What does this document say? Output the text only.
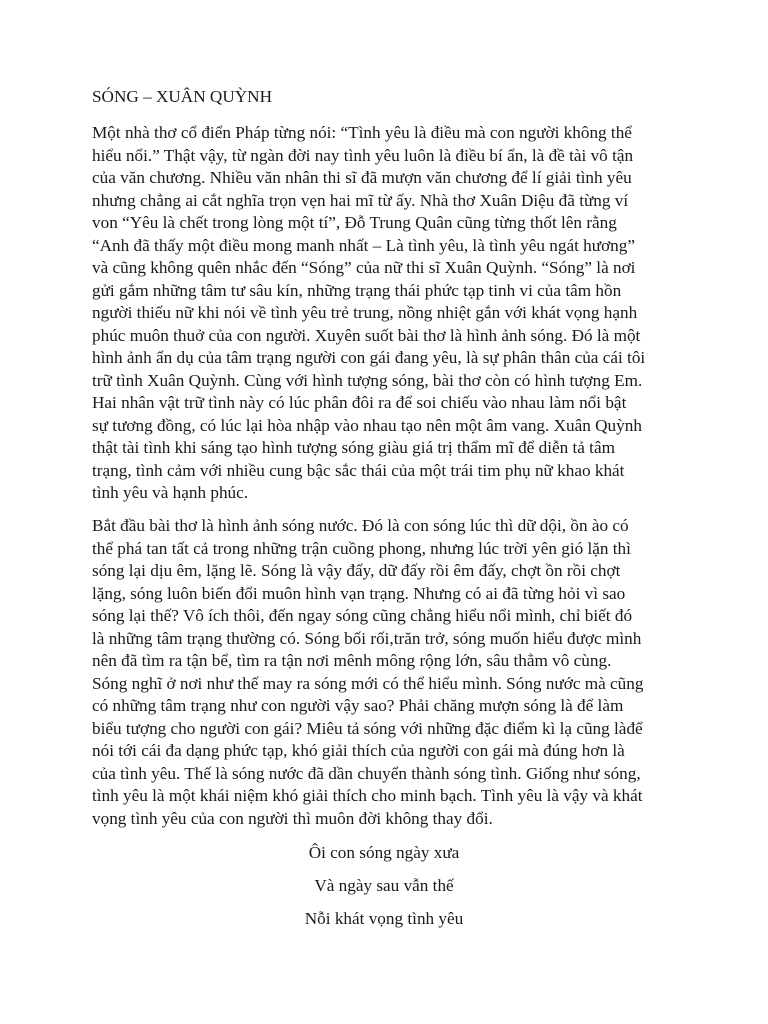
SÓNG – XUÂN QUỲNH
Một nhà thơ cổ điển Pháp từng nói: “Tình yêu là điều mà con người không thể
hiểu nổi.” Thật vậy, từ ngàn đời nay tình yêu luôn là điều bí ẩn, là đề tài vô tận
của văn chương. Nhiều văn nhân thi sĩ đã mượn văn chương để lí giải tình yêu
nhưng chẳng ai cắt nghĩa trọn vẹn hai mĩ từ ấy. Nhà thơ Xuân Diệu đã từng ví
von “Yêu là chết trong lòng một tí”, Đỗ Trung Quân cũng từng thốt lên rằng
“Anh đã thấy một điều mong manh nhất – Là tình yêu, là tình yêu ngát hương”
và cũng không quên nhắc đến “Sóng” của nữ thi sĩ Xuân Quỳnh. “Sóng” là nơi
gửi gắm những tâm tư sâu kín, những trạng thái phức tạp tinh vi của tâm hồn
người thiếu nữ khi nói về tình yêu trẻ trung, nồng nhiệt gắn với khát vọng hạnh
phúc muôn thuở của con người. Xuyên suốt bài thơ là hình ảnh sóng. Đó là một
hình ảnh ẩn dụ của tâm trạng người con gái đang yêu, là sự phân thân của cái tôi
trữ tình Xuân Quỳnh. Cùng với hình tượng sóng, bài thơ còn có hình tượng Em.
Hai nhân vật trữ tình này có lúc phân đôi ra để soi chiếu vào nhau làm nổi bật
sự tương đồng, có lúc lại hòa nhập vào nhau tạo nên một âm vang. Xuân Quỳnh
thật tài tình khi sáng tạo hình tượng sóng giàu giá trị thẩm mĩ để diễn tả tâm
trạng, tình cảm với nhiều cung bậc sắc thái của một trái tim phụ nữ khao khát
tình yêu và hạnh phúc.
Bắt đầu bài thơ là hình ảnh sóng nước. Đó là con sóng lúc thì dữ dội, ồn ào có
thể phá tan tất cả trong những trận cuồng phong, nhưng lúc trời yên gió lặn thì
sóng lại dịu êm, lặng lẽ. Sóng là vậy đấy, dữ đấy rồi êm đấy, chợt ồn rồi chợt
lặng, sóng luôn biến đổi muôn hình vạn trạng. Nhưng có ai đã từng hỏi vì sao
sóng lại thế? Vô ích thôi, đến ngay sóng cũng chẳng hiểu nổi mình, chỉ biết đó
là những tâm trạng thường có. Sóng bối rối,trăn trở, sóng muốn hiểu được mình
nên đã tìm ra tận bể, tìm ra tận nơi mênh mông rộng lớn, sâu thẳm vô cùng.
Sóng nghĩ ở nơi như thế may ra sóng mới có thể hiểu mình. Sóng nước mà cũng
có những tâm trạng như con người vậy sao? Phải chăng mượn sóng là để làm
biểu tượng cho người con gái? Miêu tả sóng với những đặc điểm kì lạ cũng làđể
nói tới cái đa dạng phức tạp, khó giải thích của người con gái mà đúng hơn là
của tình yêu. Thế là sóng nước đã dần chuyển thành sóng tình. Giống như sóng,
tình yêu là một khái niệm khó giải thích cho minh bạch. Tình yêu là vậy và khát
vọng tình yêu của con người thì muôn đời không thay đổi.
Ôi con sóng ngày xưa
Và ngày sau vẫn thế
Nỗi khát vọng tình yêu
